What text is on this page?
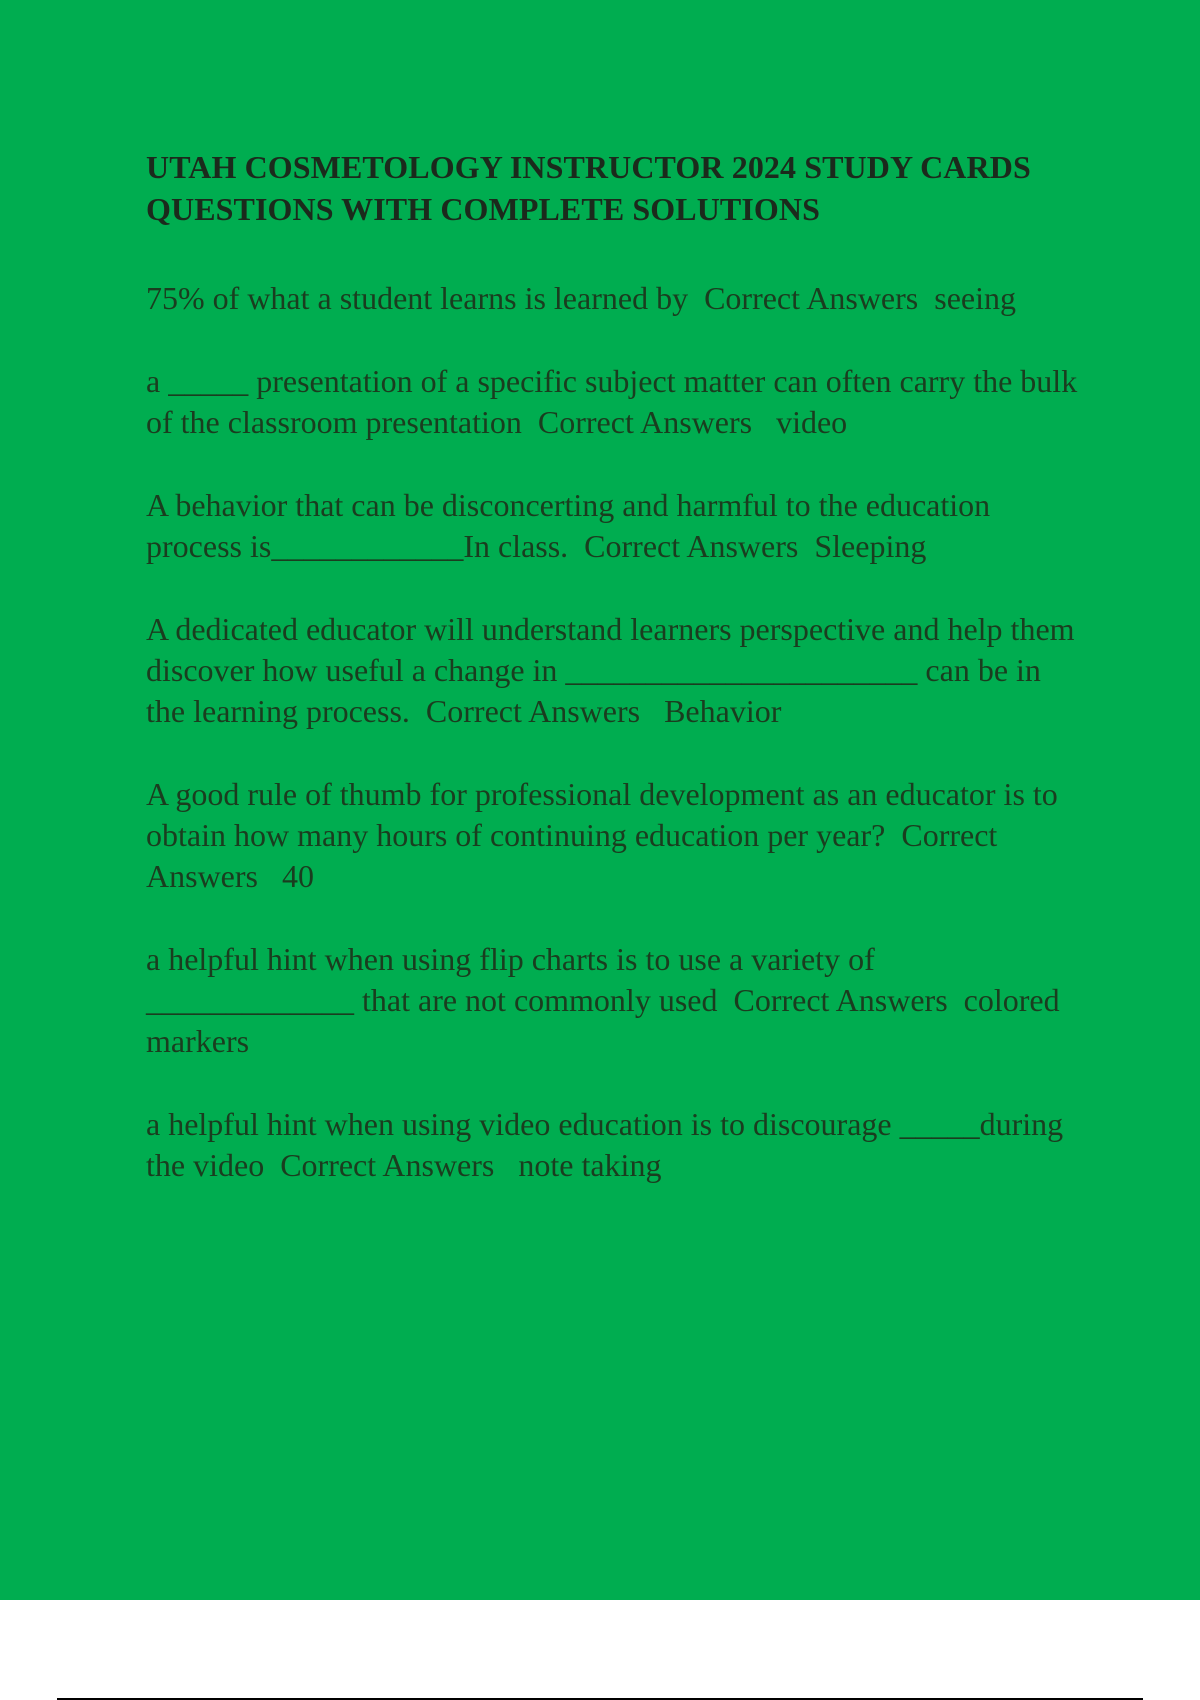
UTAH COSMETOLOGY INSTRUCTOR 2024 STUDY CARDS QUESTIONS WITH COMPLETE SOLUTIONS
75% of what a student learns is learned by  Correct Answers  seeing
a _____ presentation of a specific subject matter can often carry the bulk of the classroom presentation  Correct Answers   video
A behavior that can be disconcerting and harmful to the education process is____________In class.  Correct Answers  Sleeping
A dedicated educator will understand learners perspective and help them discover how useful a change in ______________________ can be in the learning process.  Correct Answers   Behavior
A good rule of thumb for professional development as an educator is to obtain how many hours of continuing education per year?  Correct Answers   40
a helpful hint when using flip charts is to use a variety of _____________ that are not commonly used  Correct Answers  colored markers
a helpful hint when using video education is to discourage _____during the video  Correct Answers   note taking
